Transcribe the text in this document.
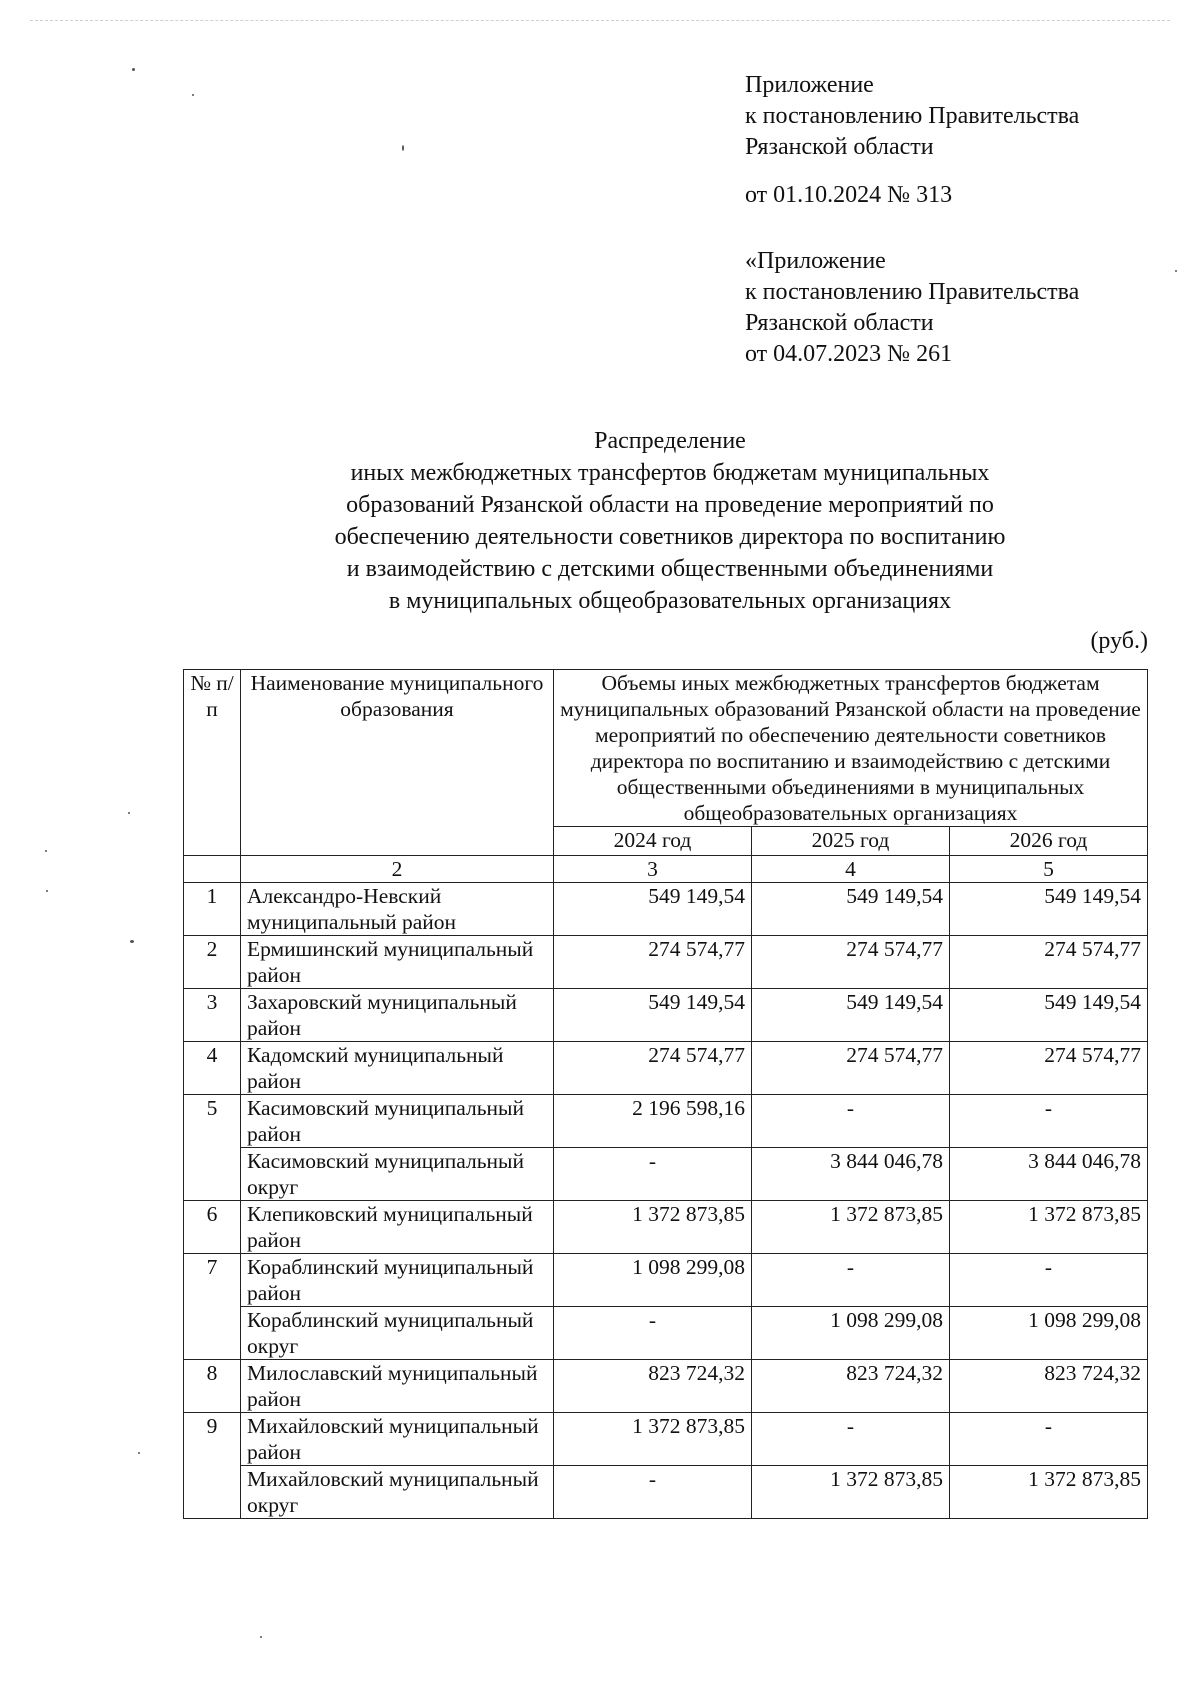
Приложение
к постановлению Правительства
Рязанской области
от 01.10.2024 № 313
«Приложение
к постановлению Правительства
Рязанской области
от 04.07.2023 № 261
Распределение
иных межбюджетных трансфертов бюджетам муниципальных
образований Рязанской области на проведение мероприятий по
обеспечению деятельности советников директора по воспитанию
и взаимодействию с детскими общественными объединениями
в муниципальных общеобразовательных организациях
(руб.)
№ п/п	Наименование муниципального образования	Объемы иных межбюджетных трансфертов бюджетам муниципальных образований Рязанской области на проведение мероприятий по обеспечению деятельности советников директора по воспитанию и взаимодействию с детскими общественными объединениями в муниципальных общеобразовательных организациях		
		2024 год	2025 год	2026 год
	2	3	4	5
1	Александро-Невский муниципальный район	549 149,54	549 149,54	549 149,54
2	Ермишинский муниципальный район	274 574,77	274 574,77	274 574,77
3	Захаровский муниципальный район	549 149,54	549 149,54	549 149,54
4	Кадомский муниципальный район	274 574,77	274 574,77	274 574,77
5	Касимовский муниципальный район	2 196 598,16	-	-
	Касимовский муниципальный округ	-	3 844 046,78	3 844 046,78
6	Клепиковский муниципальный район	1 372 873,85	1 372 873,85	1 372 873,85
7	Кораблинский муниципальный район	1 098 299,08	-	-
	Кораблинский муниципальный округ	-	1 098 299,08	1 098 299,08
8	Милославский муниципальный район	823 724,32	823 724,32	823 724,32
9	Михайловский муниципальный район	1 372 873,85	-	-
	Михайловский муниципальный округ	-	1 372 873,85	1 372 873,85
